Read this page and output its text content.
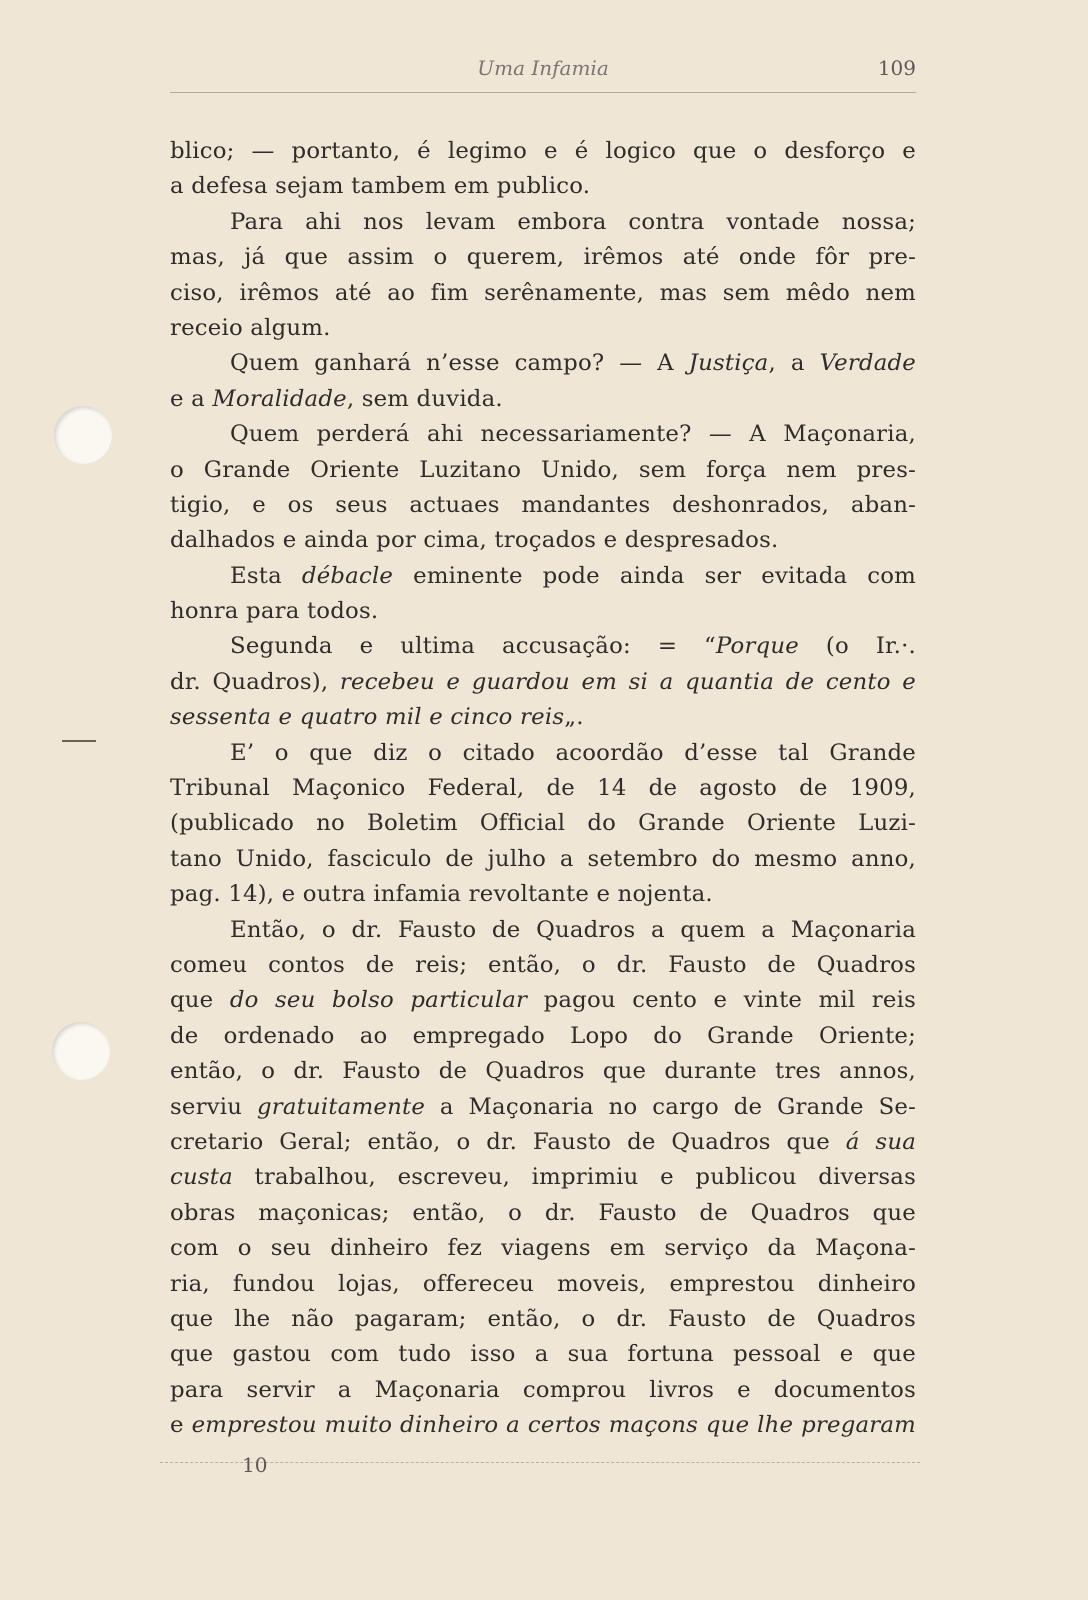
Uma Infamia	109
blico; — portanto, é legimo e é logico que o desforço e
a defesa sejam tambem em publico.
Para ahi nos levam embora contra vontade nossa;
mas, já que assim o querem, irêmos até onde fôr pre-
ciso, irêmos até ao fim serênamente, mas sem mêdo nem
receio algum.
Quem ganhará n’esse campo? — A Justiça, a Verdade
e a Moralidade, sem duvida.
Quem perderá ahi necessariamente? — A Maçonaria,
o Grande Oriente Luzitano Unido, sem força nem pres-
tigio, e os seus actuaes mandantes deshonrados, aban-
dalhados e ainda por cima, troçados e despresados.
Esta débacle eminente pode ainda ser evitada com
honra para todos.
Segunda e ultima accusação: = “Porque (o Ir.·.
dr. Quadros), recebeu e guardou em si a quantia de cento e
sessenta e quatro mil e cinco reis„.
E’ o que diz o citado acoordão d’esse tal Grande
Tribunal Maçonico Federal, de 14 de agosto de 1909,
(publicado no Boletim Official do Grande Oriente Luzi-
tano Unido, fasciculo de julho a setembro do mesmo anno,
pag. 14), e outra infamia revoltante e nojenta.
Então, o dr. Fausto de Quadros a quem a Maçonaria
comeu contos de reis; então, o dr. Fausto de Quadros
que do seu bolso particular pagou cento e vinte mil reis
de ordenado ao empregado Lopo do Grande Oriente;
então, o dr. Fausto de Quadros que durante tres annos,
serviu gratuitamente a Maçonaria no cargo de Grande Se-
cretario Geral; então, o dr. Fausto de Quadros que á sua
custa trabalhou, escreveu, imprimiu e publicou diversas
obras maçonicas; então, o dr. Fausto de Quadros que
com o seu dinheiro fez viagens em serviço da Maçona-
ria, fundou lojas, offereceu moveis, emprestou dinheiro
que lhe não pagaram; então, o dr. Fausto de Quadros
que gastou com tudo isso a sua fortuna pessoal e que
para servir a Maçonaria comprou livros e documentos
e emprestou muito dinheiro a certos maçons que lhe pregaram
10
